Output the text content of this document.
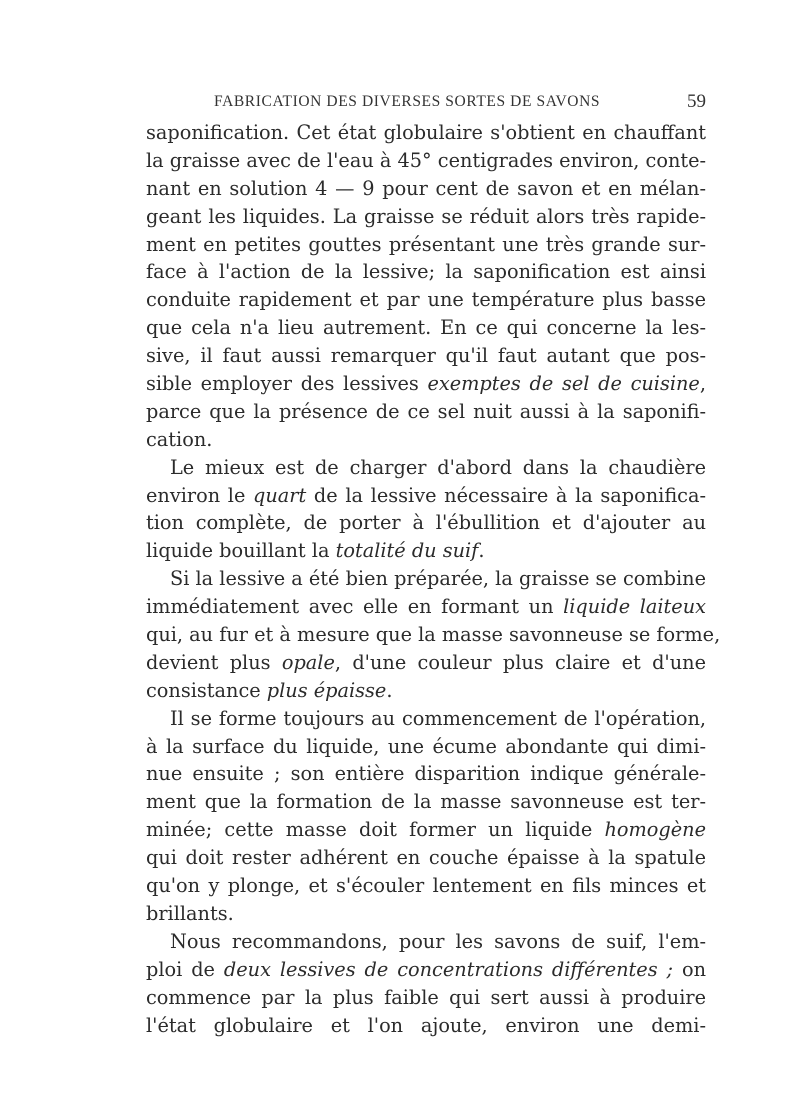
FABRICATION DES DIVERSES SORTES DE SAVONS	59
saponification. Cet état globulaire s'obtient en chauffant
la graisse avec de l'eau à 45° centigrades environ, conte-
nant en solution 4 — 9 pour cent de savon et en mélan-
geant les liquides. La graisse se réduit alors très rapide-
ment en petites gouttes présentant une très grande sur-
face à l'action de la lessive; la saponification est ainsi
conduite rapidement et par une température plus basse
que cela n'a lieu autrement. En ce qui concerne la les-
sive, il faut aussi remarquer qu'il faut autant que pos-
sible employer des lessives exemptes de sel de cuisine,
parce que la présence de ce sel nuit aussi à la saponifi-
cation.
Le mieux est de charger d'abord dans la chaudière
environ le quart de la lessive nécessaire à la saponifica-
tion complète, de porter à l'ébullition et d'ajouter au
liquide bouillant la totalité du suif.
Si la lessive a été bien préparée, la graisse se combine
immédiatement avec elle en formant un liquide laiteux
qui, au fur et à mesure que la masse savonneuse se forme,
devient plus opale, d'une couleur plus claire et d'une
consistance plus épaisse.
Il se forme toujours au commencement de l'opération,
à la surface du liquide, une écume abondante qui dimi-
nue ensuite ; son entière disparition indique générale-
ment que la formation de la masse savonneuse est ter-
minée; cette masse doit former un liquide homogène
qui doit rester adhérent en couche épaisse à la spatule
qu'on y plonge, et s'écouler lentement en fils minces et
brillants.
Nous recommandons, pour les savons de suif, l'em-
ploi de deux lessives de concentrations différentes ; on
commence par la plus faible qui sert aussi à produire
l'état globulaire et l'on ajoute, environ une demi-
